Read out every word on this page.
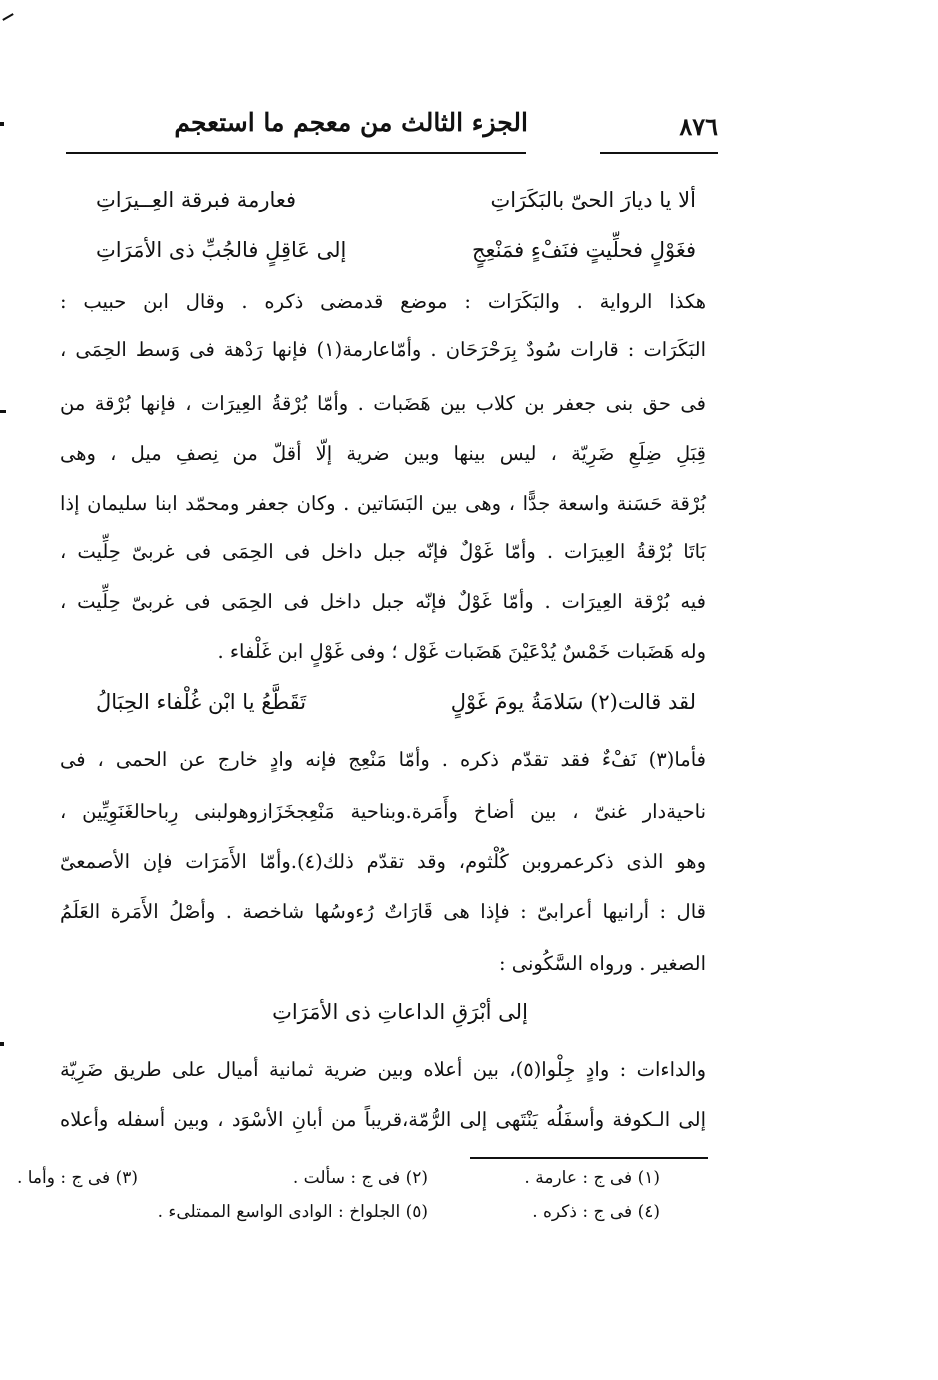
٨٧٦
الجزء الثالث من معجم ما استعجم
ألا يا ديارَ الحىّ بالبَكَرَاتِ
فعارمة فبرقة العِــيرَاتِ
فغَوْلٍ فحلِّيتٍ فنَفْءٍ فمَنْعِجٍ
إلى عَاقِلٍ فالجُبِّ ذى الأمَرَاتِ
هكذا الرواية . والبَكَرَات : موضع قدمضى ذكره . وقال ابن حبيب :
البَكَرَات : قارات سُودٌ بِرَحْرَحَان . وأمّاعارمة(١) فإنها رَدْهة فى وَسط الحِمَى ،
فى حق بنى جعفر بن كلاب بين هَضَبات . وأمّا بُرْقةُ العِيرَات ، فإنها بُرْقة من
قِبَلِ ضِلَعِ ضَرِيّة ، ليس بينها وبين ضرية إلّا أقلّ من نِصفِ ميل ، وهى
بُرْقة حَسَنة واسعة جدًّا ، وهى بين البَسَاتين . وكان جعفر ومحمّد ابنا سليمان إذا
بَاتَا بُرْقةُ العِيرَات . وأمّا غَوْلٌ فإنّه جبل داخل فى الحِمَى فى غربىّ حِلِّيت ،
فيه بُرْقة العِيرَات . وأمّا غَوْلٌ فإنّه جبل داخل فى الحِمَى فى غربىّ حِلِّيت ،
وله هَضَبات خَمْسٌ يُدْعَيْنَ هَضَبات غَوْل ؛ وفى غَوْلٍ ابن غَلْفاء .
لقد قالت(٢) سَلامَةُ يومَ غَوْلٍ
تَقَطَّعُ يا ابْن غُلْفاء الحِبَالُ
فأما(٣) نَفْءٌ فقد تقدّم ذكره . وأمّا مَنْعِج فإنه وادٍ خارج عن الحمى ، فى
ناحيةدار غنىّ ، بين أضاخ وأَمَرة.وبناحية مَنْعِجخَزَازوهولبنى رِباحالغَنَوِيِّين ،
وهو الذى ذكرعمروبن كُلْثوم، وقد تقدّم ذلك(٤).وأمّا الأَمَرَات فإن الأصمعىّ
قال : أرانيها أعرابىّ : فإذا هى قَارَاتٌ رُءوسُها شاخصة . وأصْلُ الأَمَرة العَلَمُ
الصغير . ورواه السَّكُونى :
إلى أبْرَقِ الداعاتِ ذى الأمَرَاتِ
والداءات : وادٍ جِلْوا(٥)، بين أعلاه وبين ضرية ثمانية أميال على طريق ضَرِيّة
إلى الـكوفة وأسفَلُه يَنْتَهى إلى الرُّمّة،قريباً من أبانِ الأسْوَد ، وبين أسفله وأعلاه
(١) فى ج : عارمة .
(٢) فى ج : سألت .
(٣) فى ج : وأما .
(٤) فى ج : ذكره .
(٥) الجلواخ : الوادى الواسع الممتلىء .
